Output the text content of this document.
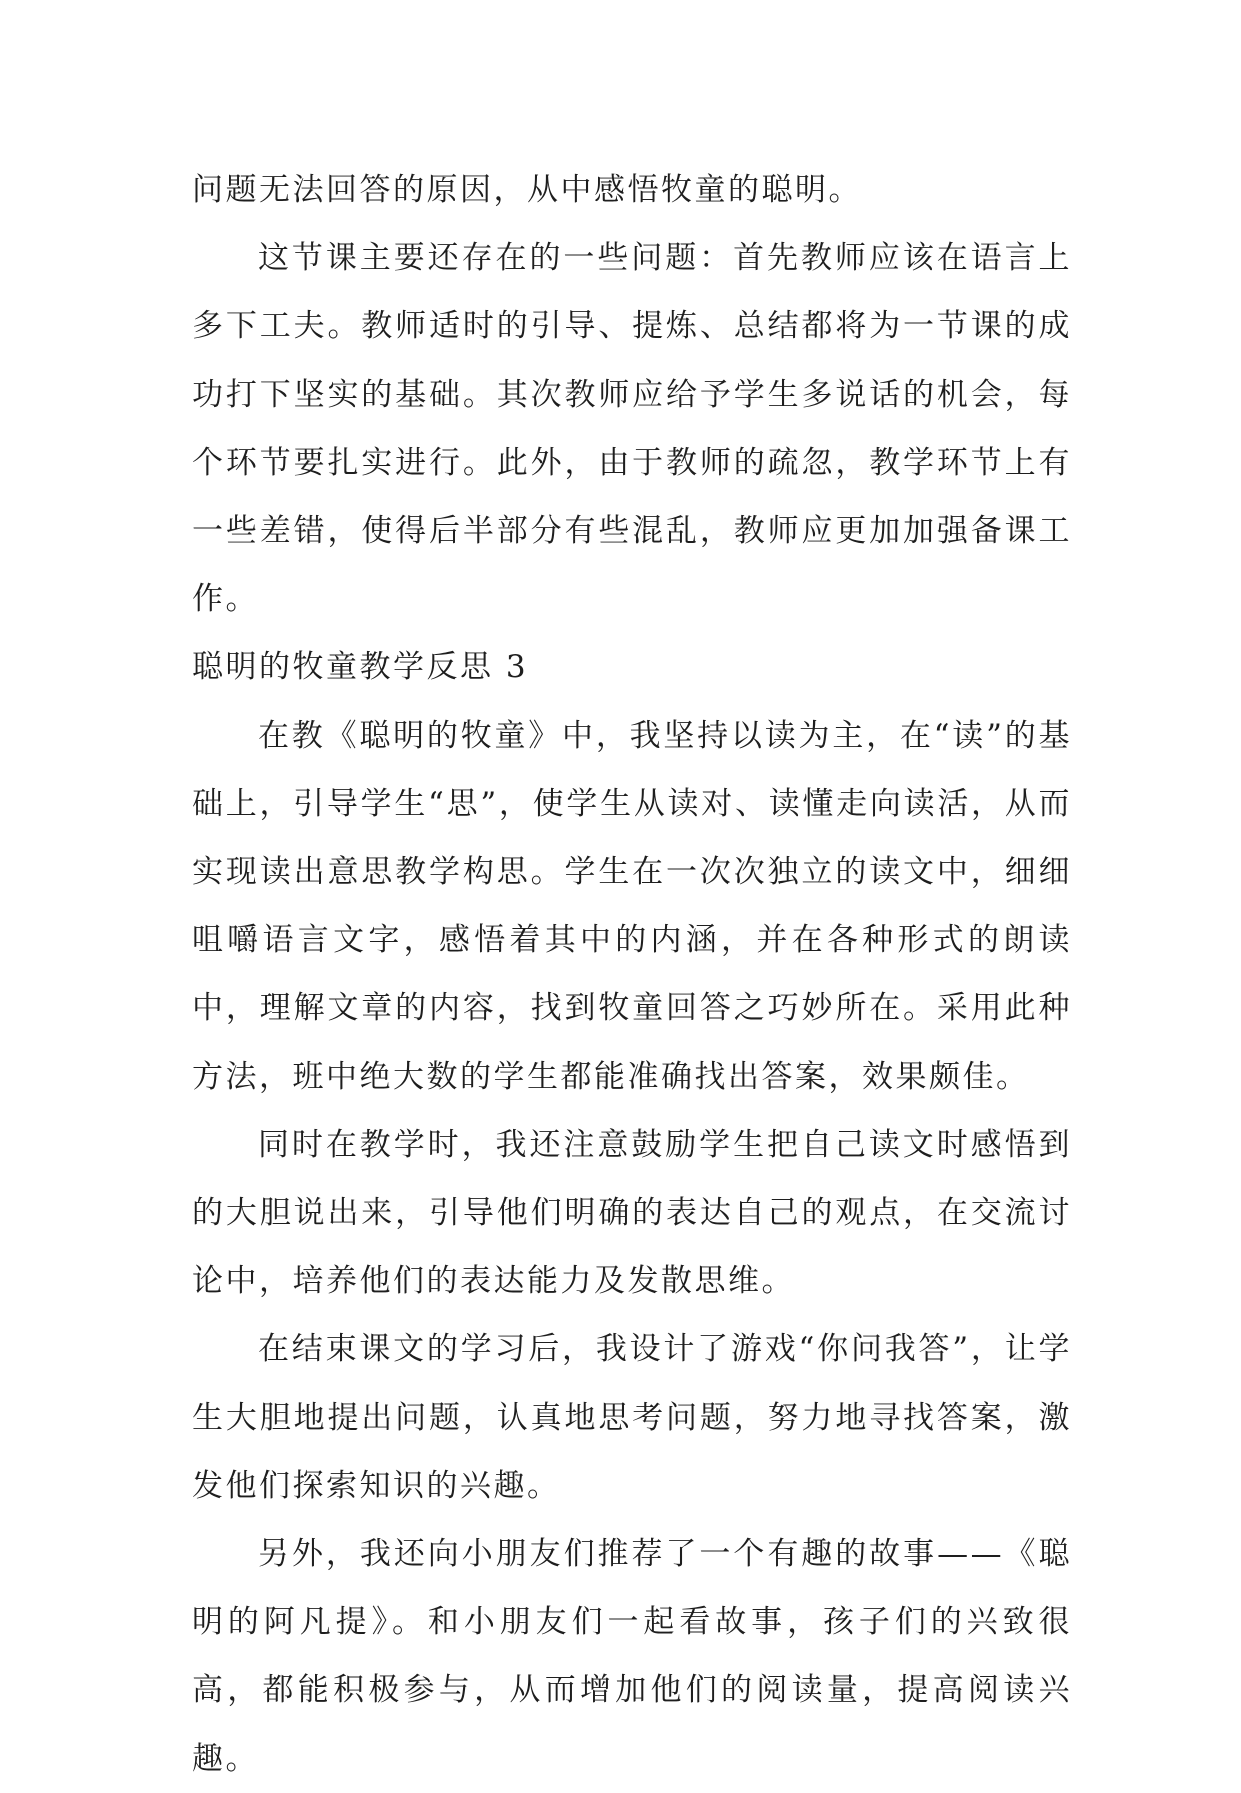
问题无法回答的原因，从中感悟牧童的聪明。

这节课主要还存在的一些问题：首先教师应该在语言上多下工夫。教师适时的引导、提炼、总结都将为一节课的成功打下坚实的基础。其次教师应给予学生多说话的机会，每个环节要扎实进行。此外，由于教师的疏忽，教学环节上有一些差错，使得后半部分有些混乱，教师应更加加强备课工作。

聪明的牧童教学反思 3

在教《聪明的牧童》中，我坚持以读为主，在“读”的基础上，引导学生“思”，使学生从读对、读懂走向读活，从而实现读出意思教学构思。学生在一次次独立的读文中，细细咀嚼语言文字，感悟着其中的内涵，并在各种形式的朗读中，理解文章的内容，找到牧童回答之巧妙所在。采用此种方法，班中绝大数的学生都能准确找出答案，效果颇佳。

同时在教学时，我还注意鼓励学生把自己读文时感悟到的大胆说出来，引导他们明确的表达自己的观点，在交流讨论中，培养他们的表达能力及发散思维。

在结束课文的学习后，我设计了游戏“你问我答”，让学生大胆地提出问题，认真地思考问题，努力地寻找答案，激发他们探索知识的兴趣。

另外，我还向小朋友们推荐了一个有趣的故事——《聪明的阿凡提》。和小朋友们一起看故事，孩子们的兴致很高，都能积极参与，从而增加他们的阅读量，提高阅读兴趣。
